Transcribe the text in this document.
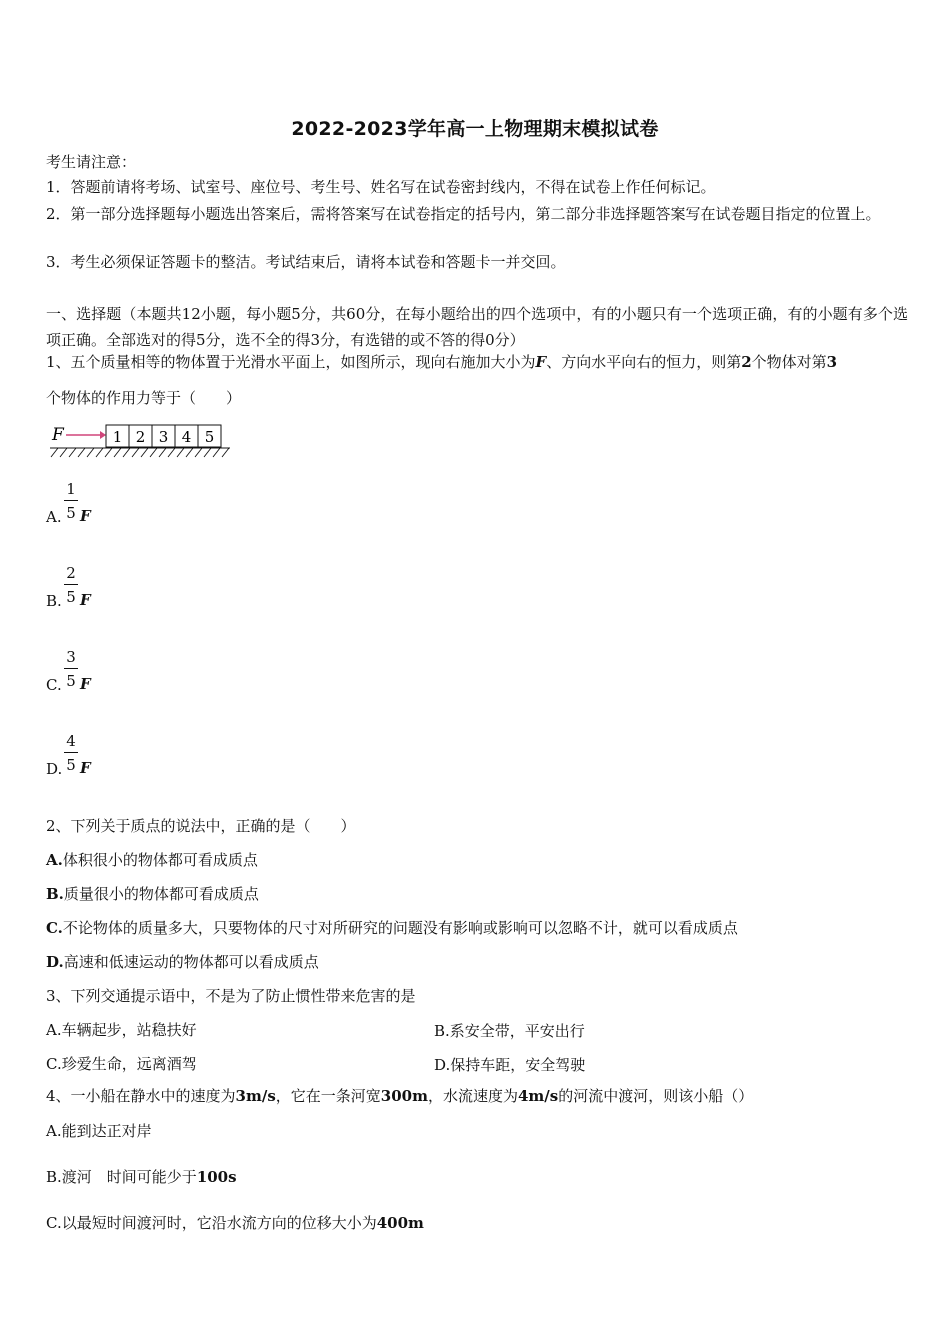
2022-2023学年高一上物理期末模拟试卷
考生请注意：
1．答题前请将考场、试室号、座位号、考生号、姓名写在试卷密封线内，不得在试卷上作任何标记。
2．第一部分选择题每小题选出答案后，需将答案写在试卷指定的括号内，第二部分非选择题答案写在试卷题目指定的位置上。
3．考生必须保证答题卡的整洁。考试结束后，请将本试卷和答题卡一并交回。
一、选择题（本题共12小题，每小题5分，共60分，在每小题给出的四个选项中，有的小题只有一个选项正确，有的小题有多个选项正确。全部选对的得5分，选不全的得3分，有选错的或不答的得0分）
1、五个质量相等的物体置于光滑水平面上，如图所示，现向右施加大小为F、方向水平向右的恒力，则第2个物体对第3
个物体的作用力等于（　　）
F	1 2 3 4 5
A. $\frac{1}{5}$ F
B. $\frac{2}{5}$ F
C. $\frac{3}{5}$ F
D. $\frac{4}{5}$ F
2、下列关于质点的说法中，正确的是（　　）
A.体积很小的物体都可看成质点
B.质量很小的物体都可看成质点
C.不论物体的质量多大，只要物体的尺寸对所研究的问题没有影响或影响可以忽略不计，就可以看成质点
D.高速和低速运动的物体都可以看成质点
3、下列交通提示语中，不是为了防止惯性带来危害的是
A.车辆起步，站稳扶好	B.系安全带，平安出行
C.珍爱生命，远离酒驾	D.保持车距，安全驾驶
4、一小船在静水中的速度为3m/s，它在一条河宽300m，水流速度为4m/s的河流中渡河，则该小船（）
A.能到达正对岸
B.渡河　时间可能少于100s
C.以最短时间渡河时，它沿水流方向的位移大小为400m
